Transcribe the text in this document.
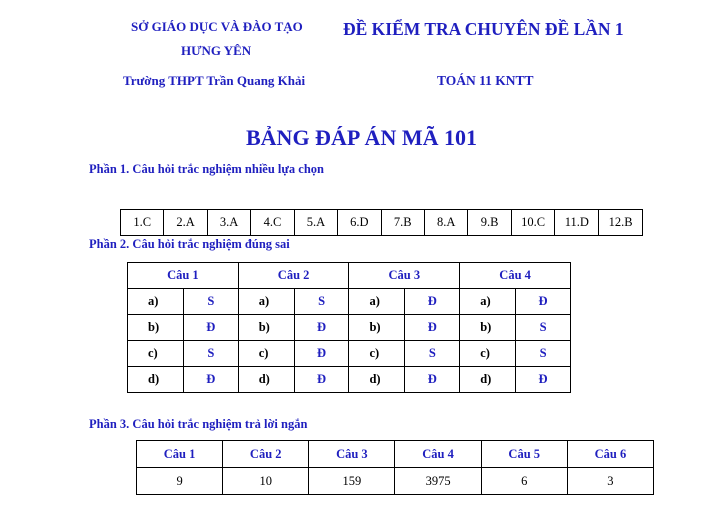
SỞ GIÁO DỤC VÀ ĐÀO TẠO
HƯNG YÊN
Trường THPT Trần Quang Khải
ĐỀ KIỂM TRA CHUYÊN ĐỀ LẦN 1
TOÁN 11 KNTT
BẢNG ĐÁP ÁN MÃ 101
Phần 1. Câu hỏi trắc nghiệm nhiều lựa chọn
1.C	2.A	3.A	4.C	5.A	6.D	7.B	8.A	9.B	10.C	11.D	12.B
Phần 2. Câu hỏi trắc nghiệm đúng sai
Câu 1		Câu 2		Câu 3		Câu 4	
a)	S	a)	S	a)	Đ	a)	Đ
b)	Đ	b)	Đ	b)	Đ	b)	S
c)	S	c)	Đ	c)	S	c)	S
d)	Đ	d)	Đ	d)	Đ	d)	Đ
Phần 3. Câu hỏi trắc nghiệm trả lời ngắn
Câu 1	Câu 2	Câu 3	Câu 4	Câu 5	Câu 6
9	10	159	3975	6	3
